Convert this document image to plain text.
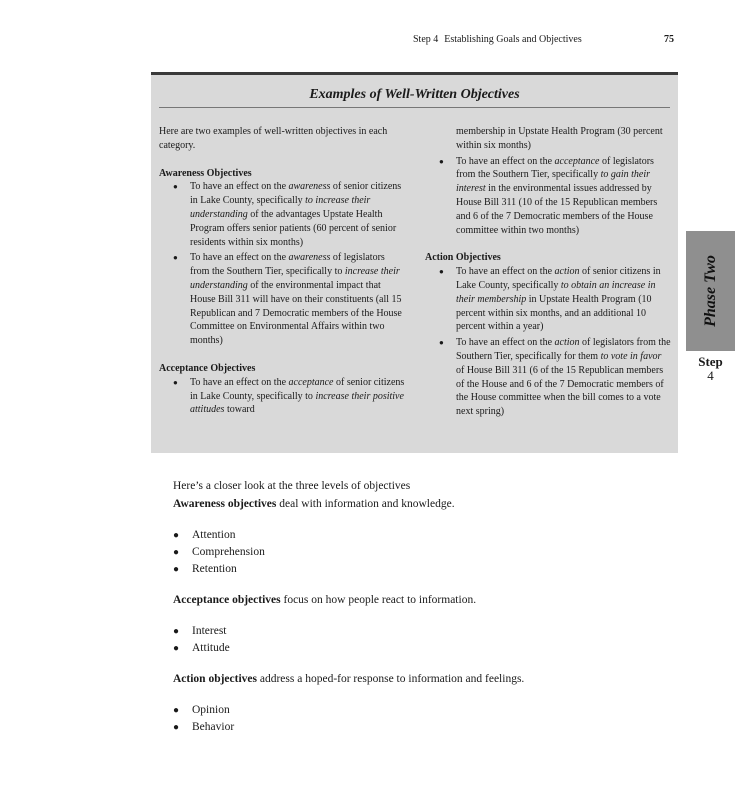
Step 4 Establishing Goals and Objectives	75
Examples of Well-Written Objectives

Here are two examples of well-written objectives in each category.

Awareness Objectives

● To have an effect on the awareness of senior citizens in Lake County, specifically to increase their understanding of the advantages Upstate Health Program offers senior patients (60 percent of senior residents within six months)
● To have an effect on the awareness of legislators from the Southern Tier, specifically to increase their understanding of the environmental impact that House Bill 311 will have on their constituents (all 15 Republican and 7 Democratic members of the House Committee on Environmental Affairs within two months)

Acceptance Objectives

● To have an effect on the acceptance of senior citizens in Lake County, specifically to increase their positive attitudes toward

membership in Upstate Health Program (30 percent within six months)

● To have an effect on the acceptance of legislators from the Southern Tier, specifically to gain their interest in the environmental issues addressed by House Bill 311 (10 of the 15 Republican members and 6 of the 7 Democratic members of the House committee within two months)

Action Objectives

● To have an effect on the action of senior citizens in Lake County, specifically to obtain an increase in their membership in Upstate Health Program (10 percent within six months, and an additional 10 percent within a year)
● To have an effect on the action of legislators from the Southern Tier, specifically for them to vote in favor of House Bill 311 (6 of the 15 Republican members of the House and 6 of the 7 Democratic members of the House committee when the bill comes to a vote next spring)
Phase Two
Step
4

Here’s a closer look at the three levels of objectives

Awareness objectives deal with information and knowledge.

● Attention
● Comprehension
● Retention

Acceptance objectives focus on how people react to information.

● Interest
● Attitude

Action objectives address a hoped-for response to information and feelings.

● Opinion
● Behavior
